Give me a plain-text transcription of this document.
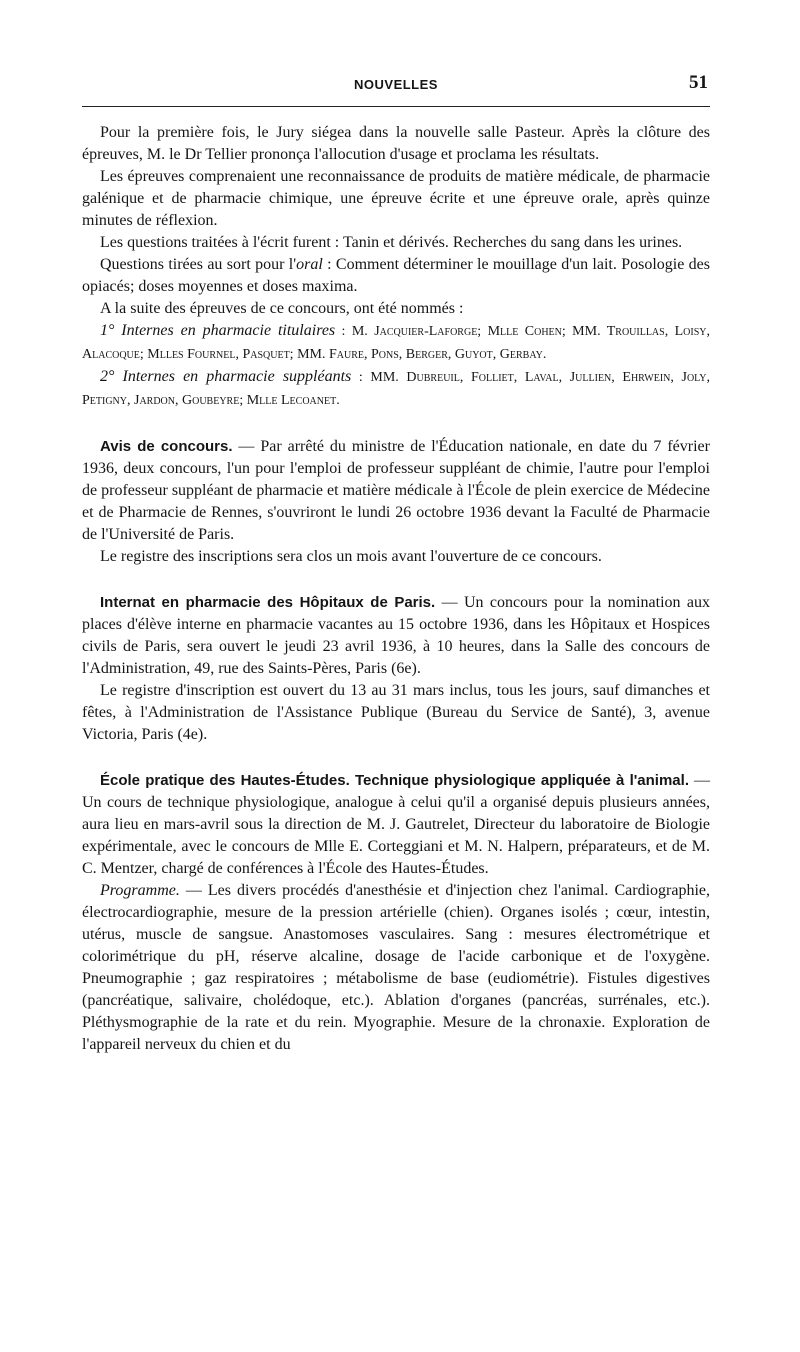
NOUVELLES	51

Pour la première fois, le Jury siégea dans la nouvelle salle Pasteur. Après la clôture des épreuves, M. le Dr Tellier prononça l'allocution d'usage et proclama les résultats.

Les épreuves comprenaient une reconnaissance de produits de matière médicale, de pharmacie galénique et de pharmacie chimique, une épreuve écrite et une épreuve orale, après quinze minutes de réflexion.

Les questions traitées à l'écrit furent : Tanin et dérivés. Recherches du sang dans les urines.

Questions tirées au sort pour l'oral : Comment déterminer le mouillage d'un lait. Posologie des opiacés; doses moyennes et doses maxima.

A la suite des épreuves de ce concours, ont été nommés :

1° Internes en pharmacie titulaires : M. Jacquier-Laforge; Mlle Cohen; MM. Trouillas, Loisy, Alacoque; Mlles Fournel, Pasquet; MM. Faure, Pons, Berger, Guyot, Gerbay.

2° Internes en pharmacie suppléants : MM. Dubreuil, Folliet, Laval, Jullien, Ehrwein, Joly, Petigny, Jardon, Goubeyre; Mlle Lecoanet.

Avis de concours. — Par arrêté du ministre de l'Éducation nationale, en date du 7 février 1936, deux concours, l'un pour l'emploi de professeur suppléant de chimie, l'autre pour l'emploi de professeur suppléant de pharmacie et matière médicale à l'École de plein exercice de Médecine et de Pharmacie de Rennes, s'ouvriront le lundi 26 octobre 1936 devant la Faculté de Pharmacie de l'Université de Paris.

Le registre des inscriptions sera clos un mois avant l'ouverture de ce concours.

Internat en pharmacie des Hôpitaux de Paris. — Un concours pour la nomination aux places d'élève interne en pharmacie vacantes au 15 octobre 1936, dans les Hôpitaux et Hospices civils de Paris, sera ouvert le jeudi 23 avril 1936, à 10 heures, dans la Salle des concours de l'Administration, 49, rue des Saints-Pères, Paris (6e).

Le registre d'inscription est ouvert du 13 au 31 mars inclus, tous les jours, sauf dimanches et fêtes, à l'Administration de l'Assistance Publique (Bureau du Service de Santé), 3, avenue Victoria, Paris (4e).

École pratique des Hautes-Études. Technique physiologique appliquée à l'animal. — Un cours de technique physiologique, analogue à celui qu'il a organisé depuis plusieurs années, aura lieu en mars-avril sous la direction de M. J. Gautrelet, Directeur du laboratoire de Biologie expérimentale, avec le concours de Mlle E. Corteggiani et M. N. Halpern, préparateurs, et de M. C. Mentzer, chargé de conférences à l'École des Hautes-Études.

Programme. — Les divers procédés d'anesthésie et d'injection chez l'animal. Cardiographie, électrocardiographie, mesure de la pression artérielle (chien). Organes isolés ; cœur, intestin, utérus, muscle de sangsue. Anastomoses vasculaires. Sang : mesures électrométrique et colorimétrique du pH, réserve alcaline, dosage de l'acide carbonique et de l'oxygène. Pneumographie ; gaz respiratoires ; métabolisme de base (eudiométrie). Fistules digestives (pancréatique, salivaire, cholédoque, etc.). Ablation d'organes (pancréas, surrénales, etc.). Pléthysmographie de la rate et du rein. Myographie. Mesure de la chronaxie. Exploration de l'appareil nerveux du chien et du
